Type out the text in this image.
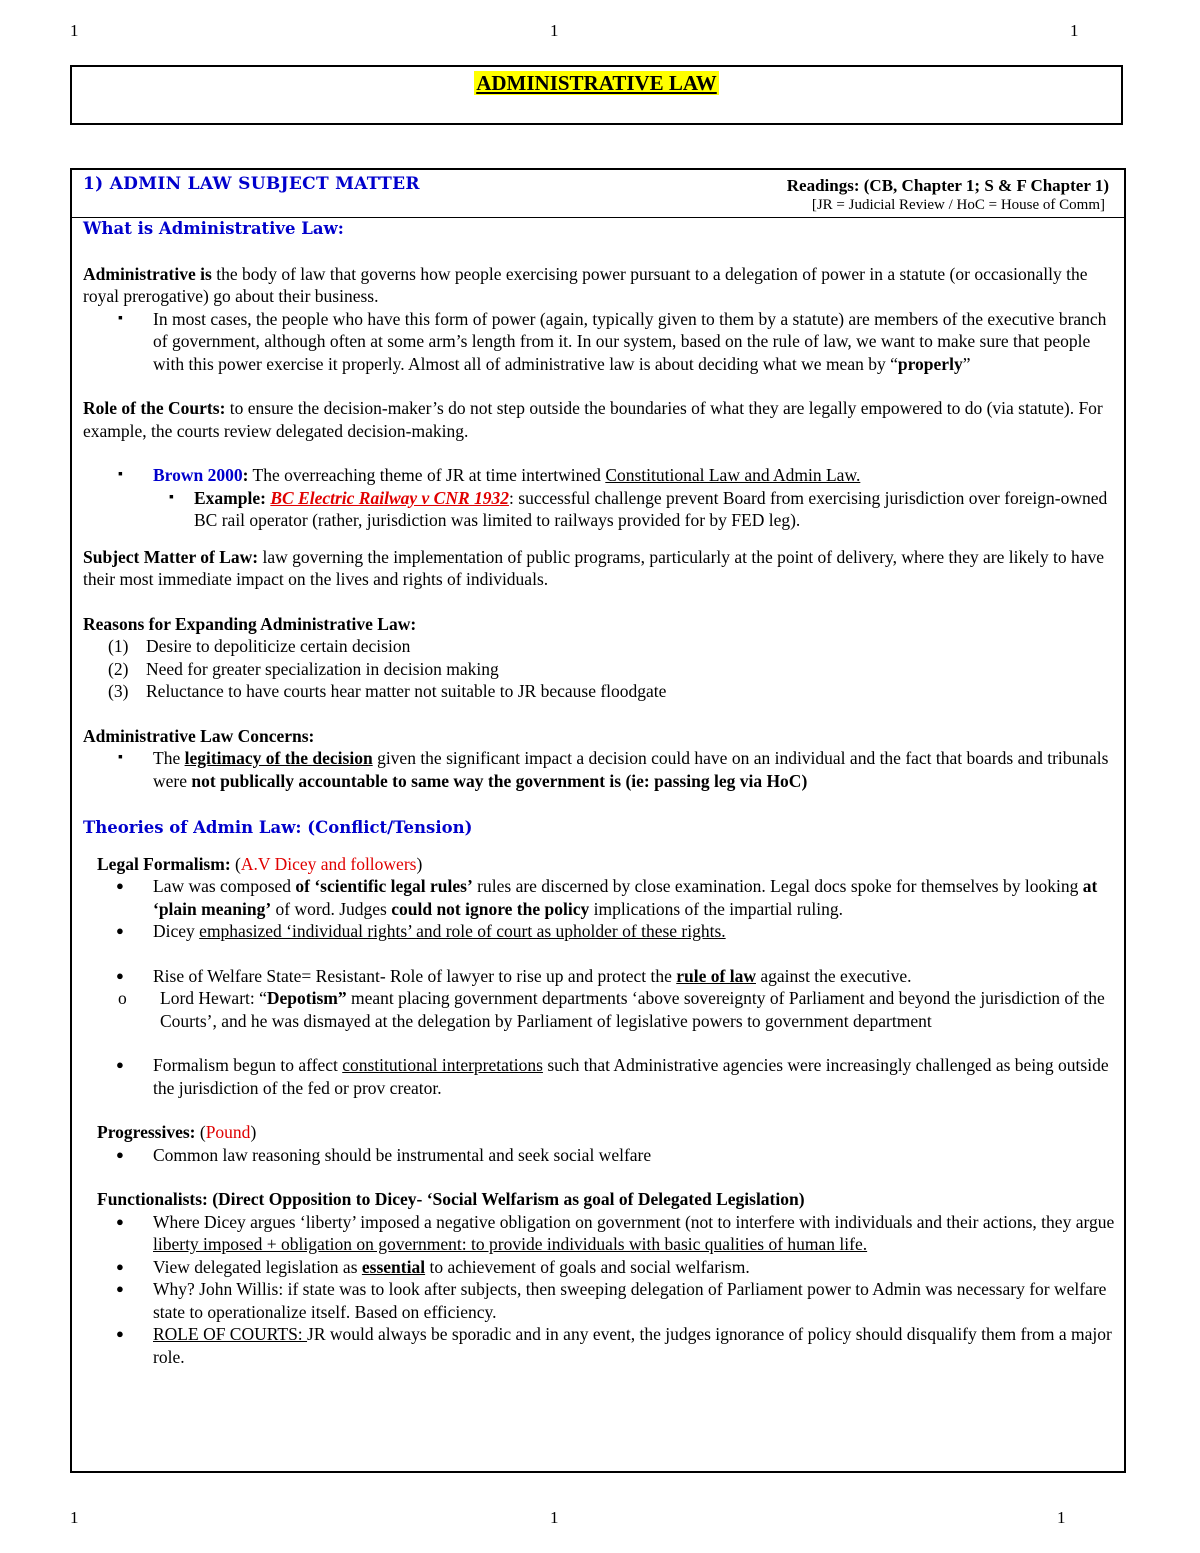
1	1	1
ADMINISTRATIVE LAW
1) ADMIN LAW SUBJECT MATTER	Readings: (CB, Chapter 1; S & F Chapter 1)
[JR = Judicial Review / HoC = House of Comm]

What is Administrative Law:

Administrative is the body of law that governs how people exercising power pursuant to a delegation of power in a statute (or occasionally the royal prerogative) go about their business.

▪ In most cases, the people who have this form of power (again, typically given to them by a statute) are members of the executive branch of government, although often at some arm’s length from it. In our system, based on the rule of law, we want to make sure that people with this power exercise it properly. Almost all of administrative law is about deciding what we mean by “properly”

Role of the Courts: to ensure the decision-maker’s do not step outside the boundaries of what they are legally empowered to do (via statute). For example, the courts review delegated decision-making.

▪ Brown 2000: The overreaching theme of JR at time intertwined Constitutional Law and Admin Law.
▪ Example: BC Electric Railway v CNR 1932: successful challenge prevent Board from exercising jurisdiction over foreign-owned BC rail operator (rather, jurisdiction was limited to railways provided for by FED leg).

Subject Matter of Law: law governing the implementation of public programs, particularly at the point of delivery, where they are likely to have their most immediate impact on the lives and rights of individuals.

Reasons for Expanding Administrative Law:

(1) Desire to depoliticize certain decision
(2) Need for greater specialization in decision making
(3) Reluctance to have courts hear matter not suitable to JR because floodgate

Administrative Law Concerns:

▪ The legitimacy of the decision given the significant impact a decision could have on an individual and the fact that boards and tribunals were not publically accountable to same way the government is (ie: passing leg via HoC)

Theories of Admin Law: (Conflict/Tension)

Legal Formalism: (A.V Dicey and followers)

● Law was composed of ‘scientific legal rules’ rules are discerned by close examination. Legal docs spoke for themselves by looking at ‘plain meaning’ of word. Judges could not ignore the policy implications of the impartial ruling.
● Dicey emphasized ‘individual rights’ and role of court as upholder of these rights.
● Rise of Welfare State= Resistant- Role of lawyer to rise up and protect the rule of law against the executive.
o Lord Hewart: “Depotism” meant placing government departments ‘above sovereignty of Parliament and beyond the jurisdiction of the Courts’, and he was dismayed at the delegation by Parliament of legislative powers to government department
● Formalism begun to affect constitutional interpretations such that Administrative agencies were increasingly challenged as being outside the jurisdiction of the fed or prov creator.

Progressives: (Pound)

● Common law reasoning should be instrumental and seek social welfare

Functionalists: (Direct Opposition to Dicey- ‘Social Welfarism as goal of Delegated Legislation)

● Where Dicey argues ‘liberty’ imposed a negative obligation on government (not to interfere with individuals and their actions, they argue liberty imposed + obligation on government: to provide individuals with basic qualities of human life.
● View delegated legislation as essential to achievement of goals and social welfarism.
● Why? John Willis: if state was to look after subjects, then sweeping delegation of Parliament power to Admin was necessary for welfare state to operationalize itself. Based on efficiency.
● ROLE OF COURTS: JR would always be sporadic and in any event, the judges ignorance of policy should disqualify them from a major role.
1	1	1
